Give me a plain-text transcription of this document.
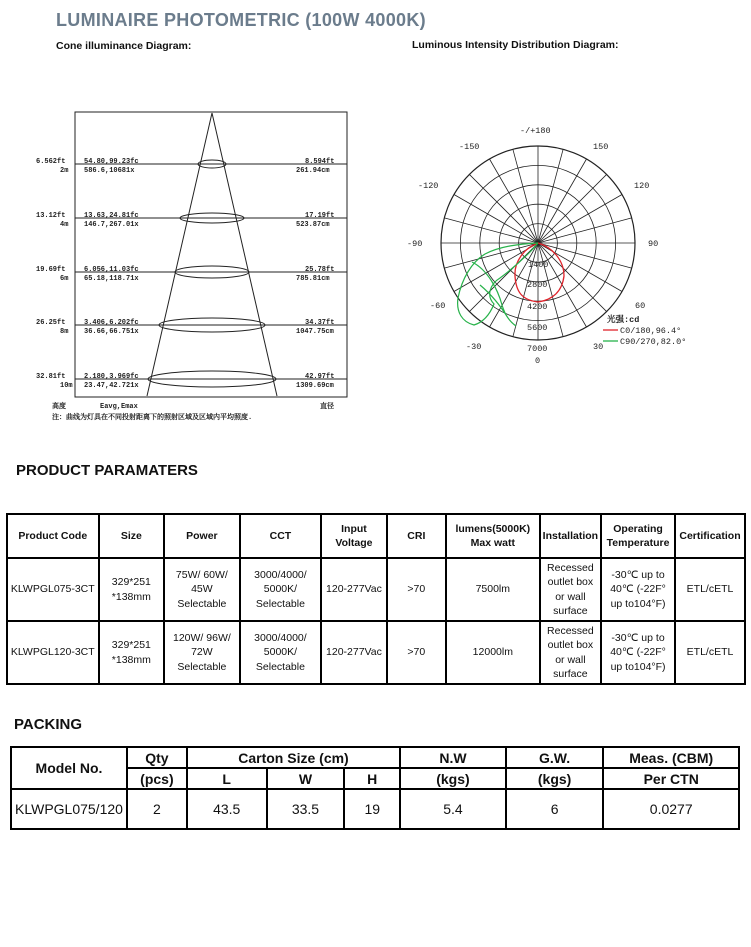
LUMINAIRE PHOTOMETRIC (100W 4000K)
Cone illuminance Diagram:	Luminous Intensity Distribution Diagram:
6.562ft
2m
54.80,99.23fc
586.6,10681x
8.594ft
261.94cm
13.12ft
4m
13.63,24.81fc
146.7,267.01x
17.19ft
523.87cm
19.69ft
6m
6.056,11.03fc
65.18,118.71x
25.78ft
785.81cm
26.25ft
8m
3.406,6.202fc
36.66,66.751x
34.37ft
1047.75cm
32.81ft
10m
2.180,3.969fc
23.47,42.721x
42.97ft
1309.69cm
高度	Eavg,Emax	直径
注：曲线为灯具在不同投射距离下的照射区域及区域内平均照度.
-/+180
-150	150
-120	120
-90	90
-60	60
-30	30
0
1400
2800
4200
5600
7000
光强:cd
C0/180,96.4°
C90/270,82.0°
PRODUCT PARAMATERS
Product Code	Size	Power	CCT	Input Voltage	CRI	lumens(5000K) Max watt	Installation	Operating Temperature	Certification
KLWPGL075-3CT	329*251 *138mm	75W/ 60W/ 45W Selectable	3000/4000/ 5000K/ Selectable	120-277Vac	>70	7500lm	Recessed outlet box or wall surface	-30℃ up to 40℃ (-22F° up to104°F)	ETL/cETL
KLWPGL120-3CT	329*251 *138mm	120W/ 96W/ 72W Selectable	3000/4000/ 5000K/ Selectable	120-277Vac	>70	12000lm	Recessed outlet box or wall surface	-30℃ up to 40℃ (-22F° up to104°F)	ETL/cETL
PACKING
Model No.	Qty	Carton Size (cm)			N.W	G.W.	Meas. (CBM)
	(pcs)	L	W	H	(kgs)	(kgs)	Per CTN
KLWPGL075/120	2	43.5	33.5	19	5.4	6	0.0277
